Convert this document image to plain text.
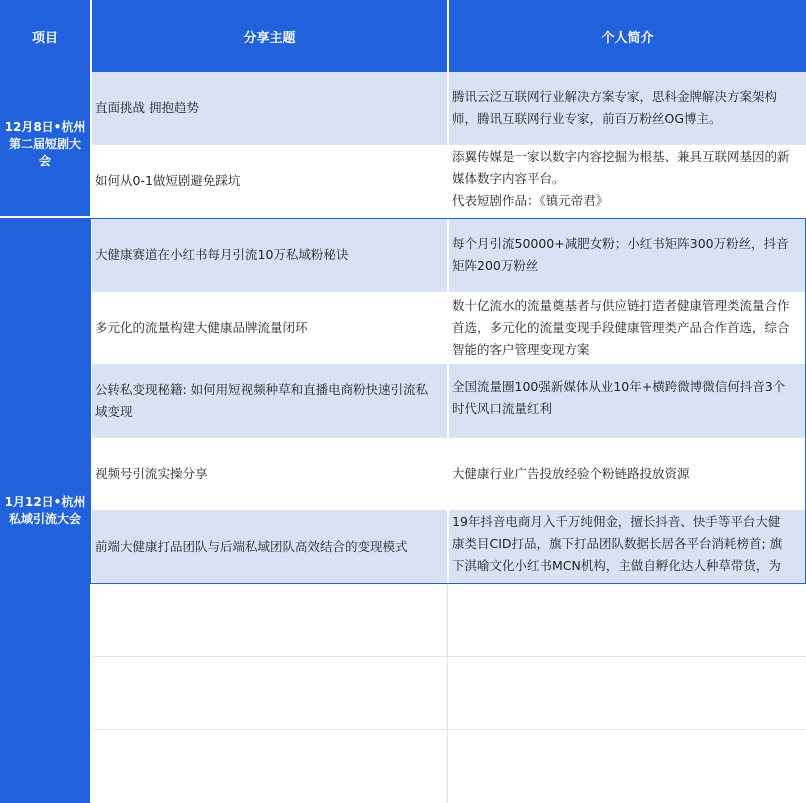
项目	分享主题	个人简介
12月8日•杭州
第二届短剧大
会
1月12日•杭州
私域引流大会
直面挑战 拥抱趋势
如何从0-1做短剧避免踩坑
大健康赛道在小红书每月引流10万私域粉秘诀
多元化的流量构建大健康品牌流量闭环
公转私变现秘籍: 如何用短视频种草和直播电商粉快速引流私
域变现
视频号引流实操分享
前端大健康打品团队与后端私域团队高效结合的变现模式
腾讯云泛互联网行业解决方案专家，思科金牌解决方案架构
师，腾讯互联网行业专家，前百万粉丝OG博主。
添翼传媒是一家以数字内容挖掘为根基、兼具互联网基因的新
媒体数字内容平台。
代表短剧作品：《镇元帝君》
每个月引流50000+减肥女粉；小红书矩阵300万粉丝，抖音
矩阵200万粉丝
数十亿流水的流量奠基者与供应链打造者健康管理类流量合作
首选，多元化的流量变现手段健康管理类产品合作首选，综合
智能的客户管理变现方案
全国流量圈100强新媒体从业10年+横跨微博微信何抖音3个
时代风口流量红利
大健康行业广告投放经验个粉链路投放资源
19年抖音电商月入千万纯佣金，擅长抖音、快手等平台大健
康类目CID打品，旗下打品团队数据长居各平台消耗榜首; 旗
下淇喻文化小红书MCN机构，主做自孵化达人种草带货，为
